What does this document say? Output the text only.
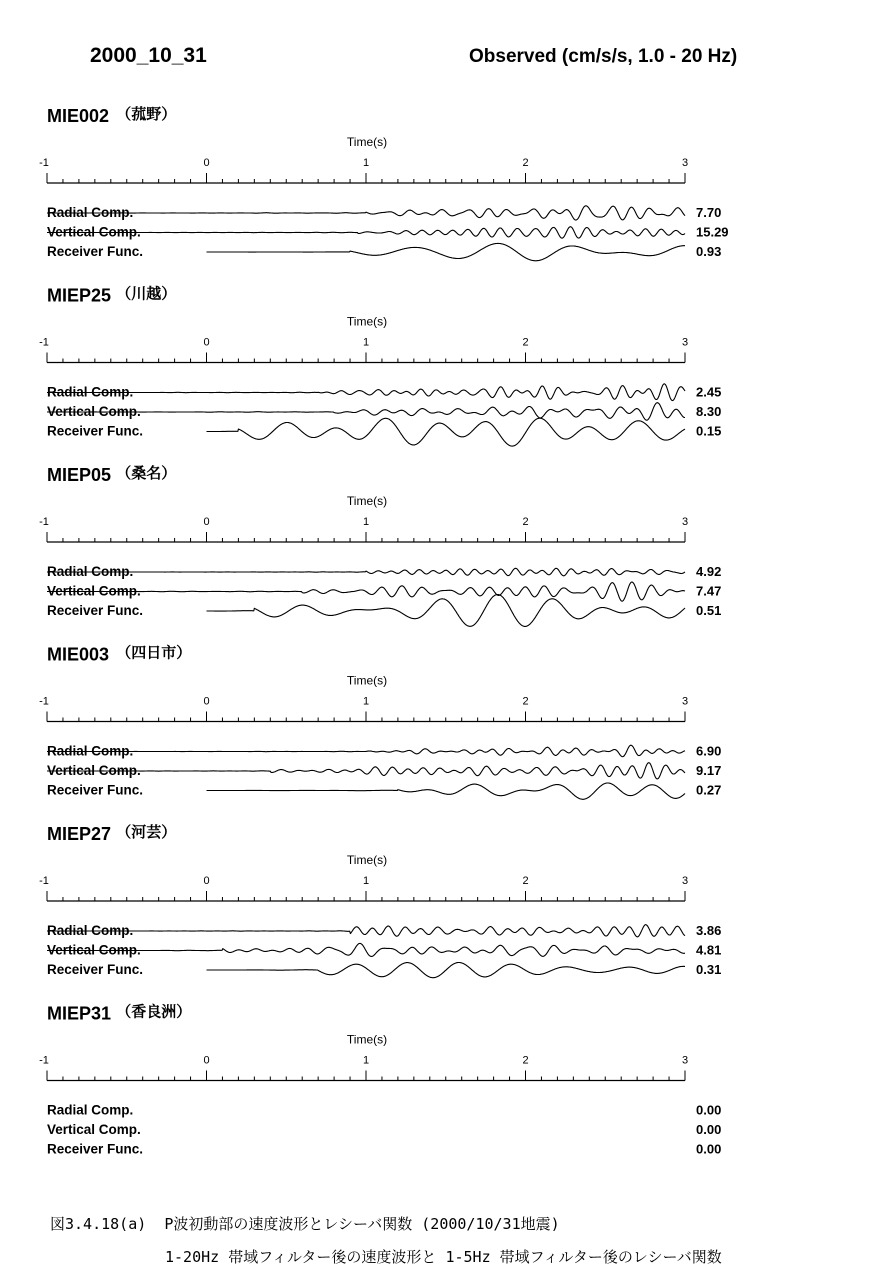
2000_10_31	Observed (cm/s/s, 1.0 - 20 Hz)
MIE002 （菰野）
Time(s)
-1	0	1	2	3
Radial Comp.	7.70
Vertical Comp.	15.29
Receiver Func.	0.93
MIEP25 （川越）
Time(s)
-1	0	1	2	3
Radial Comp.	2.45
Vertical Comp.	8.30
Receiver Func.	0.15
MIEP05 （桑名）
Time(s)
-1	0	1	2	3
Radial Comp.	4.92
Vertical Comp.	7.47
Receiver Func.	0.51
MIE003 （四日市）
Time(s)
-1	0	1	2	3
Radial Comp.	6.90
Vertical Comp.	9.17
Receiver Func.	0.27
MIEP27 （河芸）
Time(s)
-1	0	1	2	3
Radial Comp.	3.86
Vertical Comp.	4.81
Receiver Func.	0.31
MIEP31 （香良洲）
Time(s)
-1	0	1	2	3
Radial Comp.	0.00
Vertical Comp.	0.00
Receiver Func.	0.00
図3.4.18(a)  P波初動部の速度波形とレシーバ関数 (2000/10/31地震)
1-20Hz 帯域フィルター後の速度波形と 1-5Hz 帯域フィルター後のレシーバ関数
